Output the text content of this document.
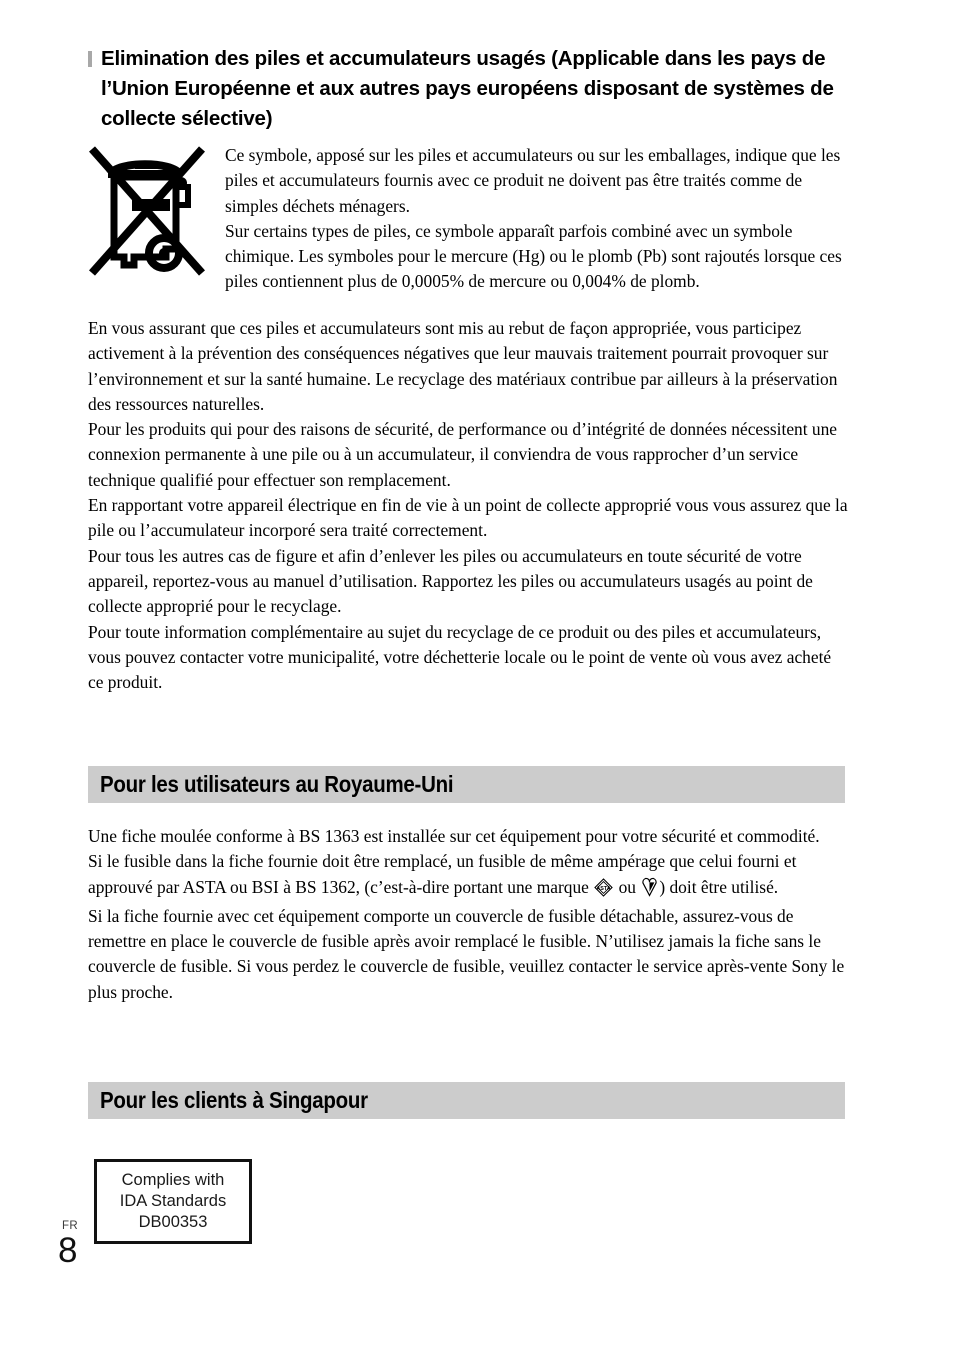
Elimination des piles et accumulateurs usagés (Applicable dans les pays de l’Union Européenne et aux autres pays européens disposant de systèmes de collecte sélective)

Ce symbole, apposé sur les piles et accumulateurs ou sur les emballages, indique que les piles et accumulateurs fournis avec ce produit ne doivent pas être traités comme de simples déchets ménagers.

Sur certains types de piles, ce symbole apparaît parfois combiné avec un symbole chimique. Les symboles pour le mercure (Hg) ou le plomb (Pb) sont rajoutés lorsque ces piles contiennent plus de 0,0005% de mercure ou 0,004% de plomb.

En vous assurant que ces piles et accumulateurs sont mis au rebut de façon appropriée, vous participez activement à la prévention des conséquences négatives que leur mauvais traitement pourrait provoquer sur l’environnement et sur la santé humaine. Le recyclage des matériaux contribue par ailleurs à la préservation des ressources naturelles.

Pour les produits qui pour des raisons de sécurité, de performance ou d’intégrité de données nécessitent une connexion permanente à une pile ou à un accumulateur, il conviendra de vous rapprocher d’un service technique qualifié pour effectuer son remplacement.

En rapportant votre appareil électrique en fin de vie à un point de collecte approprié vous vous assurez que la pile ou l’accumulateur incorporé sera traité correctement.

Pour tous les autres cas de figure et afin d’enlever les piles ou accumulateurs en toute sécurité de votre appareil, reportez-vous au manuel d’utilisation. Rapportez les piles ou accumulateurs usagés au point de collecte approprié pour le recyclage.

Pour toute information complémentaire au sujet du recyclage de ce produit ou des piles et accumulateurs, vous pouvez contacter votre municipalité, votre déchetterie locale ou le point de vente où vous avez acheté ce produit.

Pour les utilisateurs au Royaume-Uni

Une fiche moulée conforme à BS 1363 est installée sur cet équipement pour votre sécurité et commodité.

Si le fusible dans la fiche fournie doit être remplacé, un fusible de même ampérage que celui fourni et approuvé par ASTA ou BSI à BS 1362, (c’est-à-dire portant une marque ASTA ou ) doit être utilisé.

Si la fiche fournie avec cet équipement comporte un couvercle de fusible détachable, assurez-vous de remettre en place le couvercle de fusible après avoir remplacé le fusible. N’utilisez jamais la fiche sans le couvercle de fusible. Si vous perdez le couvercle de fusible, veuillez contacter le service après-vente Sony le plus proche.

Pour les clients à Singapour
Complies with
IDA Standards
DB00353
FR
8
